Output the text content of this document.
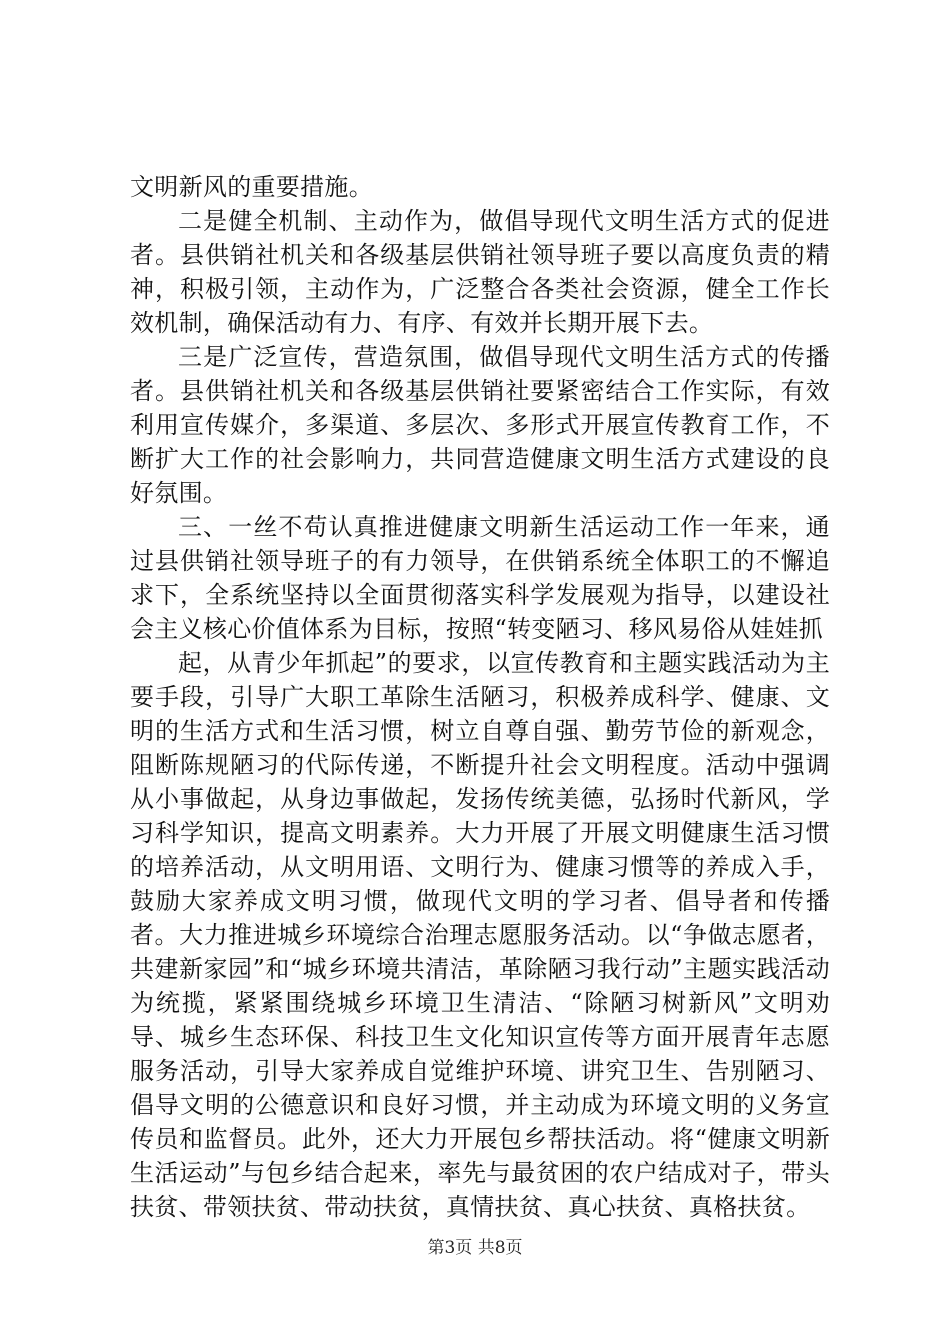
文明新风的重要措施。

二是健全机制、主动作为，做倡导现代文明生活方式的促进者。县供销社机关和各级基层供销社领导班子要以高度负责的精神，积极引领，主动作为，广泛整合各类社会资源，健全工作长效机制，确保活动有力、有序、有效并长期开展下去。

三是广泛宣传，营造氛围，做倡导现代文明生活方式的传播者。县供销社机关和各级基层供销社要紧密结合工作实际，有效利用宣传媒介，多渠道、多层次、多形式开展宣传教育工作，不断扩大工作的社会影响力，共同营造健康文明生活方式建设的良好氛围。

三、一丝不苟认真推进健康文明新生活运动工作一年来，通过县供销社领导班子的有力领导，在供销系统全体职工的不懈追求下，全系统坚持以全面贯彻落实科学发展观为指导，以建设社会主义核心价值体系为目标，按照“转变陋习、移风易俗从娃娃抓

起，从青少年抓起”的要求，以宣传教育和主题实践活动为主要手段，引导广大职工革除生活陋习，积极养成科学、健康、文明的生活方式和生活习惯，树立自尊自强、勤劳节俭的新观念，阻断陈规陋习的代际传递，不断提升社会文明程度。活动中强调从小事做起，从身边事做起，发扬传统美德，弘扬时代新风，学习科学知识，提高文明素养。大力开展了开展文明健康生活习惯的培养活动，从文明用语、文明行为、健康习惯等的养成入手，鼓励大家养成文明习惯，做现代文明的学习者、倡导者和传播者。大力推进城乡环境综合治理志愿服务活动。以“争做志愿者，共建新家园”和“城乡环境共清洁，革除陋习我行动”主题实践活动为统揽，紧紧围绕城乡环境卫生清洁、“除陋习树新风”文明劝导、城乡生态环保、科技卫生文化知识宣传等方面开展青年志愿服务活动，引导大家养成自觉维护环境、讲究卫生、告别陋习、倡导文明的公德意识和良好习惯，并主动成为环境文明的义务宣传员和监督员。此外，还大力开展包乡帮扶活动。将“健康文明新生活运动”与包乡结合起来，率先与最贫困的农户结成对子，带头扶贫、带领扶贫、带动扶贫，真情扶贫、真心扶贫、真格扶贫。

第3页 共8页
